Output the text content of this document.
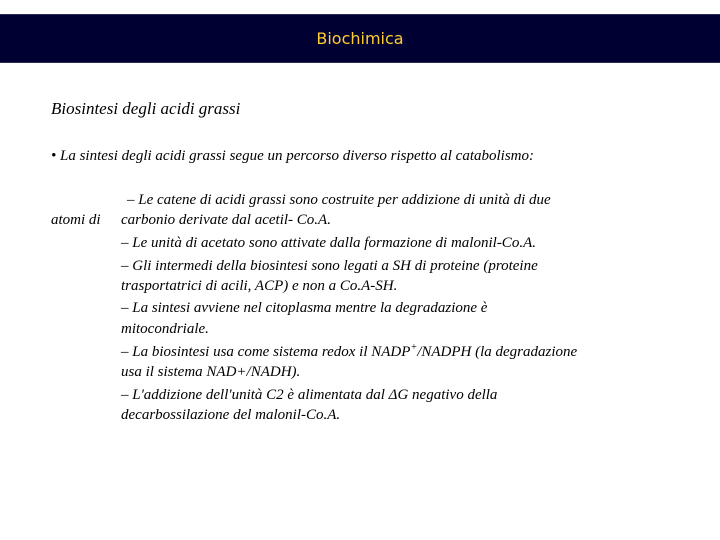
Biochimica
Biosintesi degli acidi grassi
• La sintesi degli acidi grassi segue un percorso diverso rispetto al catabolismo:
– Le catene di acidi grassi sono costruite per addizione di unità di due
atomi di carbonio derivate dal acetil- Co.A.
– Le unità di acetato sono attivate dalla formazione di malonil-Co.A.
– Gli intermedi della biosintesi sono legati a SH di proteine (proteine
trasportatrici di acili, ACP) e non a Co.A-SH.
– La sintesi avviene nel citoplasma mentre la degradazione è
mitocondriale.
– La biosintesi usa come sistema redox il NADP+/NADPH (la degradazione
usa il sistema NAD+/NADH).
– L'addizione dell'unità C2 è alimentata dal ΔG negativo della
decarbossilazione del malonil-Co.A.
